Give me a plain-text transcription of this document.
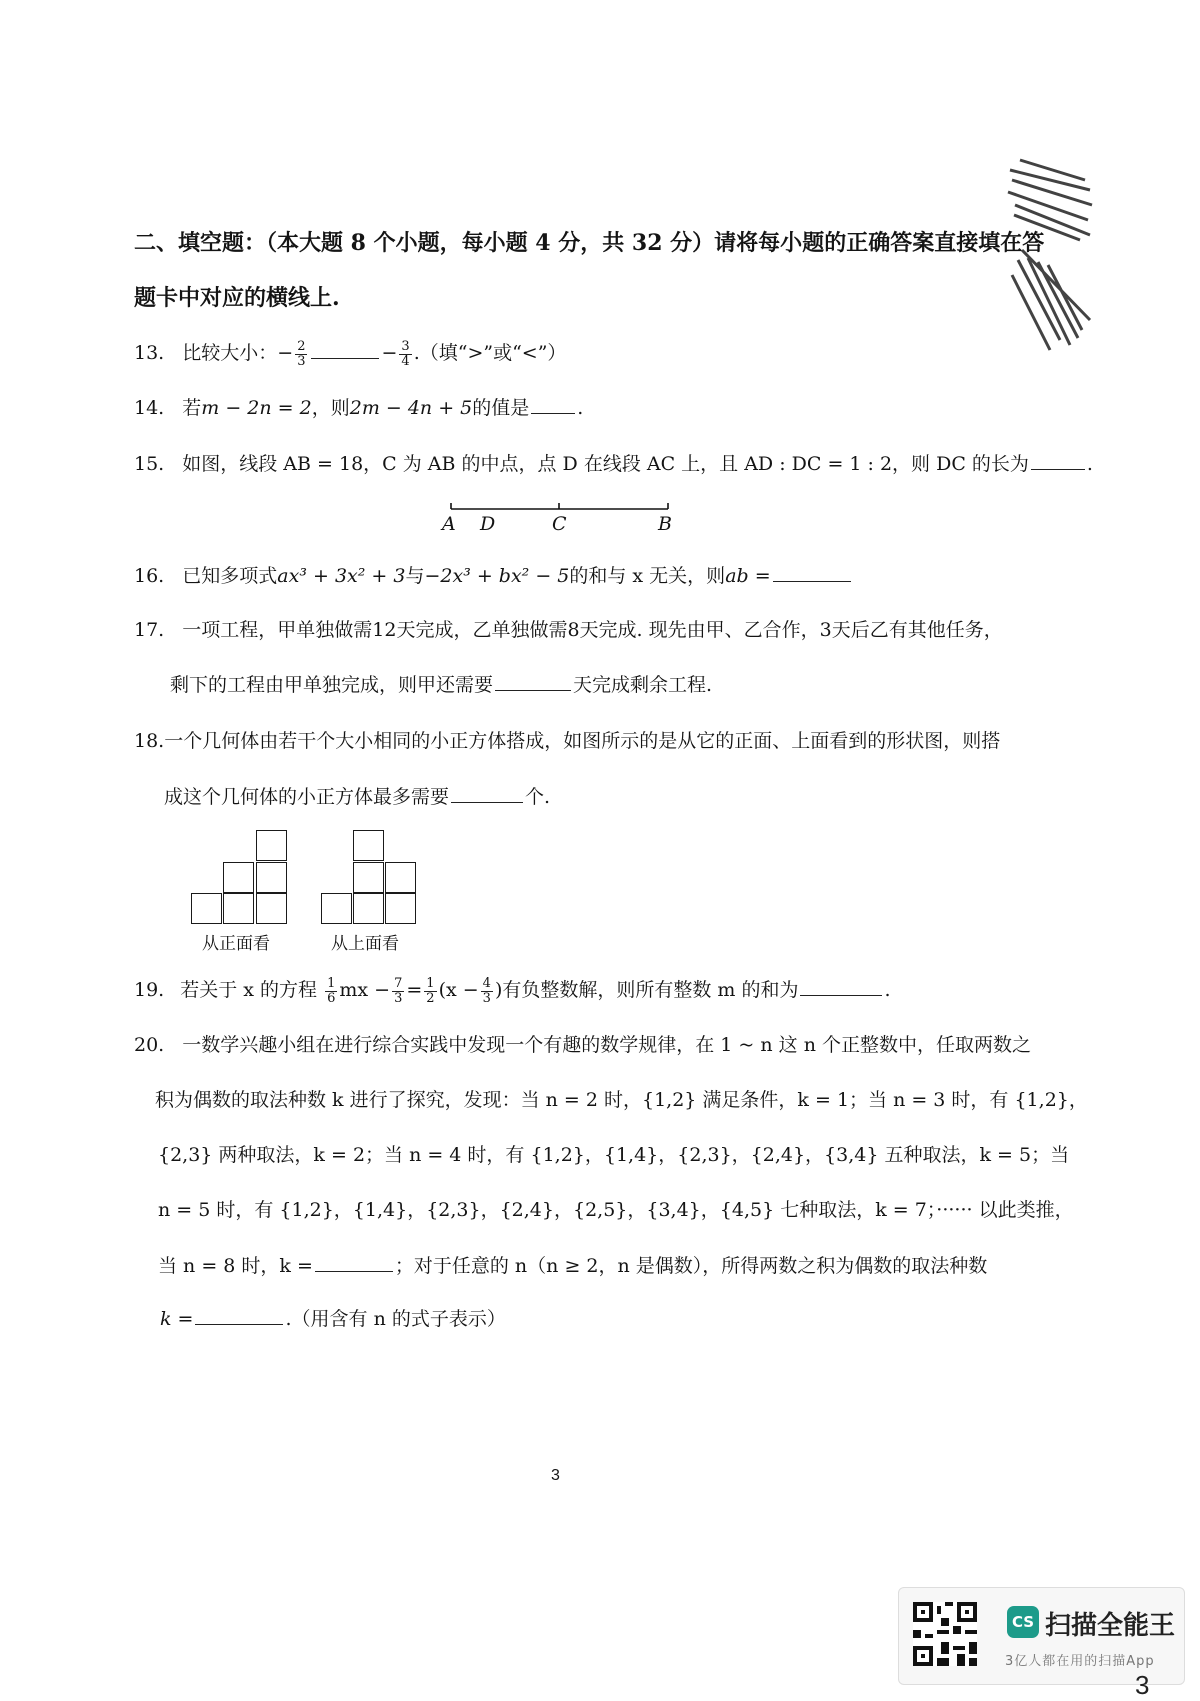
二、填空题：（本大题 8 个小题，每小题 4 分，共 32 分）请将每小题的正确答案直接填在答
题卡中对应的横线上.
13. 比较大小：− $\frac{2}{3}$	− $\frac{3}{4}$ .（填“>”或“<”）
14. 若m − 2n = 2，则2m − 4n + 5的值是	.
15. 如图，线段 AB = 18，C 为 AB 的中点，点 D 在线段 AC 上，且 AD : DC = 1 : 2，则 DC 的长为	.
A D	C	B
16. 已知多项式ax³ + 3x² + 3与−2x³ + bx² − 5的和与 x 无关，则ab =
17. 一项工程，甲单独做需12天完成，乙单独做需8天完成. 现先由甲、乙合作，3天后乙有其他任务，
剩下的工程由甲单独完成，则甲还需要	天完成剩余工程.
18.一个几何体由若干个大小相同的小正方体搭成，如图所示的是从它的正面、上面看到的形状图，则搭
成这个几何体的小正方体最多需要	个.
从正面看	从上面看
19. 若关于 x 的方程 $\frac{1}{6}$ mx − $\frac{7}{3} = \frac{1}{2} (x - \frac{4}{3}$ )有负整数解，则所有整数 m 的和为	.
20. 一数学兴趣小组在进行综合实践中发现一个有趣的数学规律，在 1 ~ n 这 n 个正整数中，任取两数之
积为偶数的取法种数 k 进行了探究，发现：当 n = 2 时，{1,2} 满足条件，k = 1；当 n = 3 时，有 {1,2}，
{2,3} 两种取法，k = 2；当 n = 4 时，有 {1,2}，{1,4}，{2,3}，{2,4}，{3,4} 五种取法，k = 5；当
n = 5 时，有 {1,2}，{1,4}，{2,3}，{2,4}，{2,5}，{3,4}，{4,5} 七种取法，k = 7；······ 以此类推，
当 n = 8 时，k =	；对于任意的 n（n ≥ 2，n 是偶数），所得两数之积为偶数的取法种数
k =	.（用含有 n 的式子表示）
3
CS 扫描全能王
3亿人都在用的扫描App
3
